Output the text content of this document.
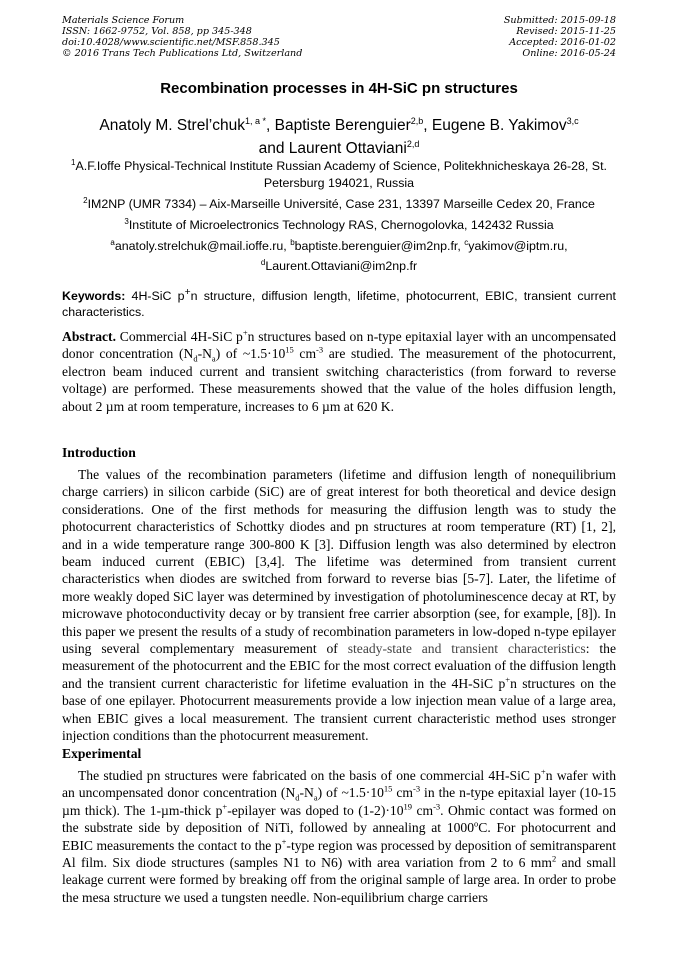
Materials Science Forum
ISSN: 1662-9752, Vol. 858, pp 345-348
doi:10.4028/www.scientific.net/MSF.858.345
© 2016 Trans Tech Publications Ltd, Switzerland
Submitted: 2015-09-18
Revised: 2015-11-25
Accepted: 2016-01-02
Online: 2016-05-24
Recombination processes in 4H-SiC pn structures
Anatoly M. Strel’chuk$^{1, a *}$, Baptiste Berenguier$^{2,b}$, Eugene B. Yakimov$^{3,c}$
and Laurent Ottaviani$^{2,d}$
$^1$A.F.Ioffe Physical-Technical Institute Russian Academy of Science, Politekhnicheskaya 26-28, St. Petersburg 194021, Russia
$^2$IM2NP (UMR 7334) – Aix-Marseille Université, Case 231, 13397 Marseille Cedex 20, France
$^3$Institute of Microelectronics Technology RAS, Chernogolovka, 142432 Russia
$^a$anatoly.strelchuk@mail.ioffe.ru, $^b$baptiste.berenguier@im2np.fr, $^c$yakimov@iptm.ru,
$^d$Laurent.Ottaviani@im2np.fr
Keywords: 4H-SiC p+n structure, diffusion length, lifetime, photocurrent, EBIC, transient current characteristics.
Abstract. Commercial 4H-SiC p+n structures based on n-type epitaxial layer with an uncompensated donor concentration $(N_d-N_a)$ of $\sim 1.5\cdot 10^{15}$ $cm^{-3}$ are studied. The measurement of the photocurrent, electron beam induced current and transient switching characteristics (from forward to reverse voltage) are performed. These measurements showed that the value of the holes diffusion length, about 2 µm at room temperature, increases to 6 µm at 620 K.
Introduction
The values of the recombination parameters (lifetime and diffusion length of nonequilibrium charge carriers) in silicon carbide (SiC) are of great interest for both theoretical and device design considerations. One of the first methods for measuring the diffusion length was to study the photocurrent characteristics of Schottky diodes and pn structures at room temperature (RT) [1, 2], and in a wide temperature range 300-800 K [3]. Diffusion length was also determined by electron beam induced current (EBIC) [3,4]. The lifetime was determined from transient current characteristics when diodes are switched from forward to reverse bias [5-7]. Later, the lifetime of more weakly doped SiC layer was determined by investigation of photoluminescence decay at RT, by microwave photoconductivity decay or by transient free carrier absorption (see, for example, [8]). In this paper we present the results of a study of recombination parameters in low-doped n-type epilayer using several complementary measurement of steady-state and transient characteristics: the measurement of the photocurrent and the EBIC for the most correct evaluation of the diffusion length and the transient current characteristic for lifetime evaluation in the 4H-SiC p+n structures on the base of one epilayer. Photocurrent measurements provide a low injection mean value of a large area, when EBIC gives a local measurement. The transient current characteristic method uses stronger injection conditions than the photocurrent measurement.
Experimental
The studied pn structures were fabricated on the basis of one commercial 4H-SiC p+n wafer with an uncompensated donor concentration $(N_d-N_a)$ of $\sim 1.5\cdot 10^{15}$ $cm^{-3}$ in the n-type epitaxial layer (10-15 µm thick). The 1-µm-thick p+-epilayer was doped to $(1-2)\cdot 10^{19}$ $cm^{-3}$. Ohmic contact was formed on the substrate side by deposition of NiTi, followed by annealing at 1000$^o$C. For photocurrent and EBIC measurements the contact to the p+-type region was processed by deposition of semitransparent Al film. Six diode structures (samples N1 to N6) with area variation from 2 to 6 $mm^2$ and small leakage current were formed by breaking off from the original sample of large area. In order to probe the mesa structure we used a tungsten needle. Non-equilibrium charge carriers
